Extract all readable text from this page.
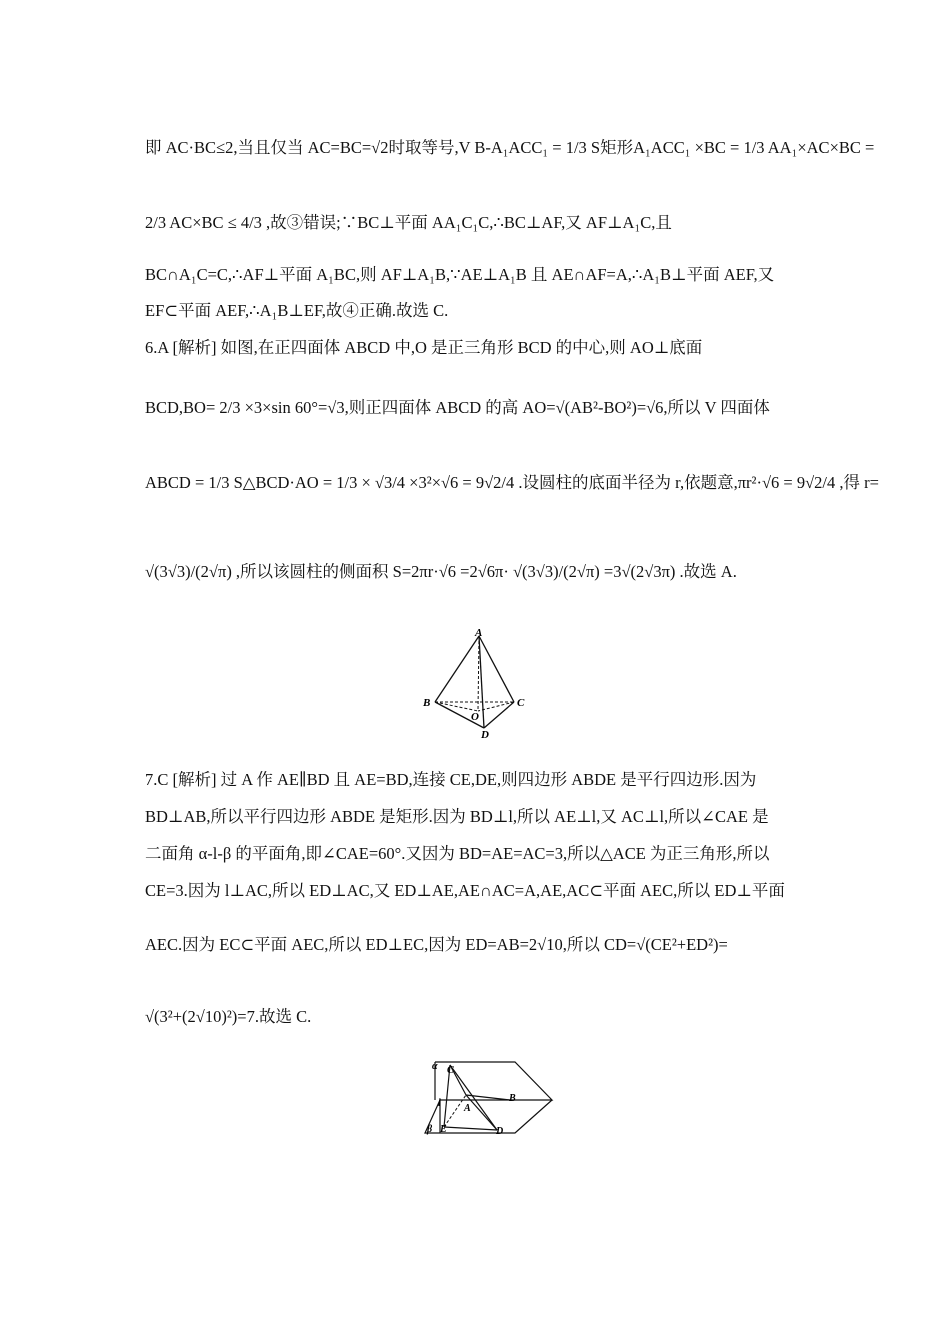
即 AC·BC≤2,当且仅当 AC=BC=√2时取等号,V B-A₁ACC₁ = 1/3 S矩形A₁ACC₁ ×BC = 1/3 AA₁×AC×BC =
2/3 AC×BC ≤ 4/3 ,故③错误;∵BC⊥平面 AA₁C₁C,∴BC⊥AF,又 AF⊥A₁C,且
BC∩A₁C=C,∴AF⊥平面 A₁BC,则 AF⊥A₁B,∵AE⊥A₁B 且 AE∩AF=A,∴A₁B⊥平面 AEF,又
EF⊂平面 AEF,∴A₁B⊥EF,故④正确.故选 C.
6.A [解析] 如图,在正四面体 ABCD 中,O 是正三角形 BCD 的中心,则 AO⊥底面
BCD,BO= 2/3 ×3×sin 60°=√3,则正四面体 ABCD 的高 AO=√(AB²-BO²)=√6,所以 V 四面体
ABCD = 1/3 S△BCD·AO = 1/3 × √3/4 ×3²×√6 = 9√2/4 .设圆柱的底面半径为 r,依题意,πr²·√6 = 9√2/4 ,得 r=
√(3√3)/(2√π) ,所以该圆柱的侧面积 S=2πr·√6 =2√6π· √(3√3)/(2√π) =3√(2√3π) .故选 A.
A
B	C
O
D
7.C [解析] 过 A 作 AE∥BD 且 AE=BD,连接 CE,DE,则四边形 ABDE 是平行四边形.因为
BD⊥AB,所以平行四边形 ABDE 是矩形.因为 BD⊥l,所以 AE⊥l,又 AC⊥l,所以∠CAE 是
二面角 α-l-β 的平面角,即∠CAE=60°.又因为 BD=AE=AC=3,所以△ACE 为正三角形,所以
CE=3.因为 l⊥AC,所以 ED⊥AC,又 ED⊥AE,AE∩AC=A,AE,AC⊂平面 AEC,所以 ED⊥平面
AEC.因为 EC⊂平面 AEC,所以 ED⊥EC,因为 ED=AB=2√10,所以 CD=√(CE²+ED²)=
√(3²+(2√10)²)=7.故选 C.
α C
l A
B
β E	D
